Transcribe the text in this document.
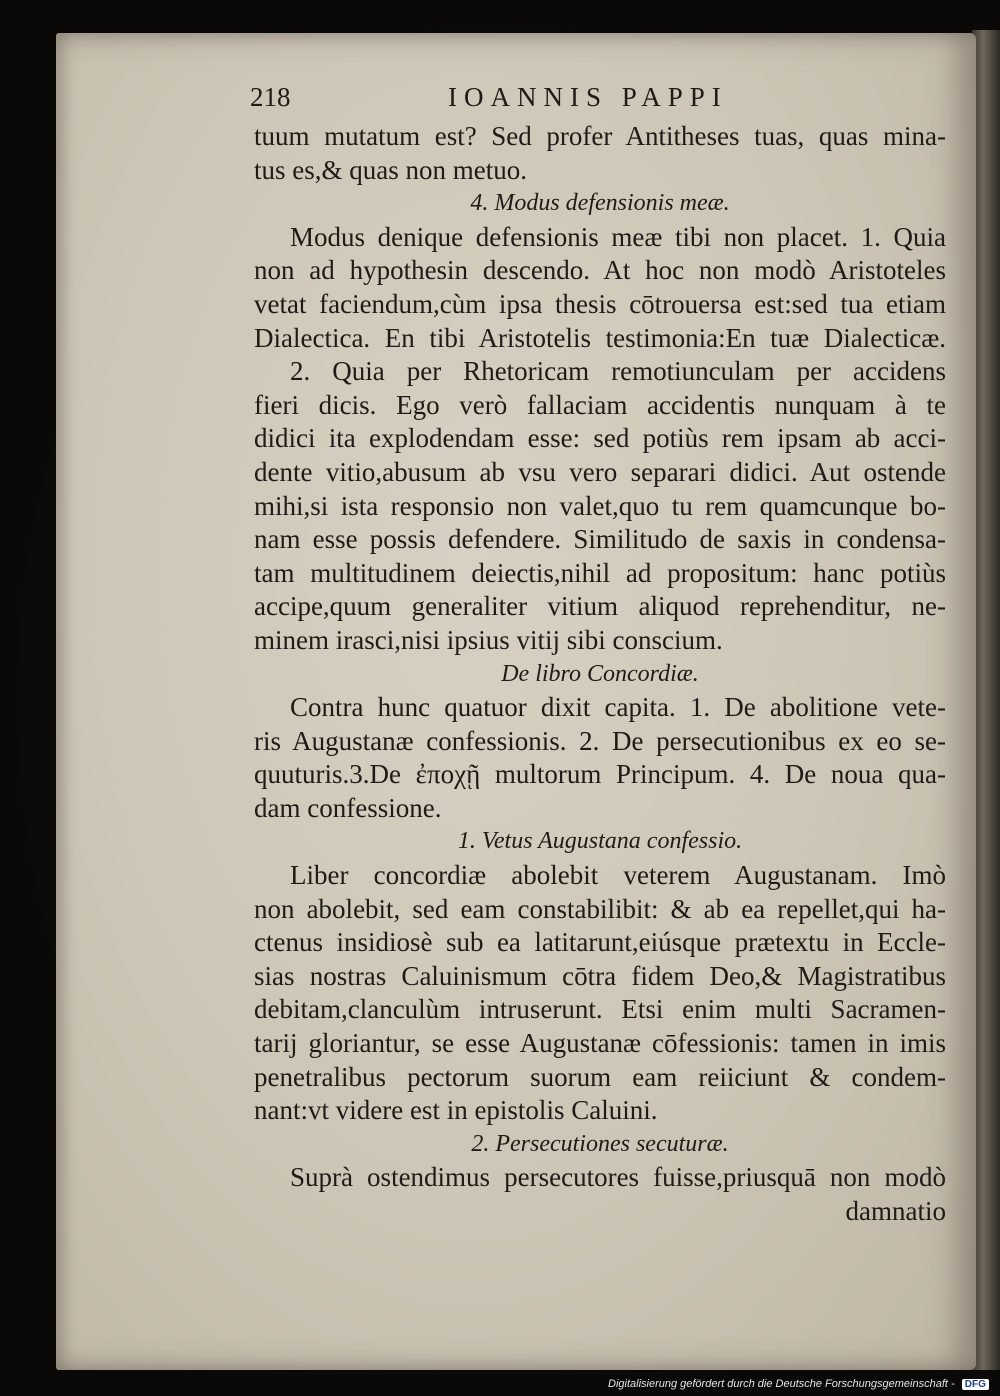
218	IOANNIS PAPPI
tuum mutatum est? Sed profer Antitheses tuas, quas mina-
tus es,& quas non metuo.
4. Modus defensionis meæ.
Modus denique defensionis meæ tibi non placet. 1. Quia
non ad hypothesin descendo. At hoc non modò Aristoteles
vetat faciendum,cùm ipsa thesis cōtrouersa est:sed tua etiam
Dialectica. En tibi Aristotelis testimonia:En tuæ Dialecticæ.
2. Quia per Rhetoricam remotiunculam per accidens
fieri dicis. Ego verò fallaciam accidentis nunquam à te
didici ita explodendam esse: sed potiùs rem ipsam ab acci-
dente vitio,abusum ab vsu vero separari didici. Aut ostende
mihi,si ista responsio non valet,quo tu rem quamcunque bo-
nam esse possis defendere. Similitudo de saxis in condensa-
tam multitudinem deiectis,nihil ad propositum: hanc potiùs
accipe,quum generaliter vitium aliquod reprehenditur, ne-
minem irasci,nisi ipsius vitij sibi conscium.
De libro Concordiæ.
Contra hunc quatuor dixit capita. 1. De abolitione vete-
ris Augustanæ confessionis. 2. De persecutionibus ex eo se-
quuturis.3.De ἐποχῇ multorum Principum. 4. De noua qua-
dam confessione.
1. Vetus Augustana confessio.
Liber concordiæ abolebit veterem Augustanam. Imò
non abolebit, sed eam constabilibit: & ab ea repellet,qui ha-
ctenus insidiosè sub ea latitarunt,eiúsque prætextu in Eccle-
sias nostras Caluinismum cōtra fidem Deo,& Magistratibus
debitam,clanculùm intruserunt. Etsi enim multi Sacramen-
tarij gloriantur, se esse Augustanæ cōfessionis: tamen in imis
penetralibus pectorum suorum eam reiiciunt & condem-
nant:vt videre est in epistolis Caluini.
2. Persecutiones secuturæ.
Suprà ostendimus persecutores fuisse,priusquā non modò
damnatio
Digitalisierung gefördert durch die Deutsche Forschungsgemeinschaft - DFG
